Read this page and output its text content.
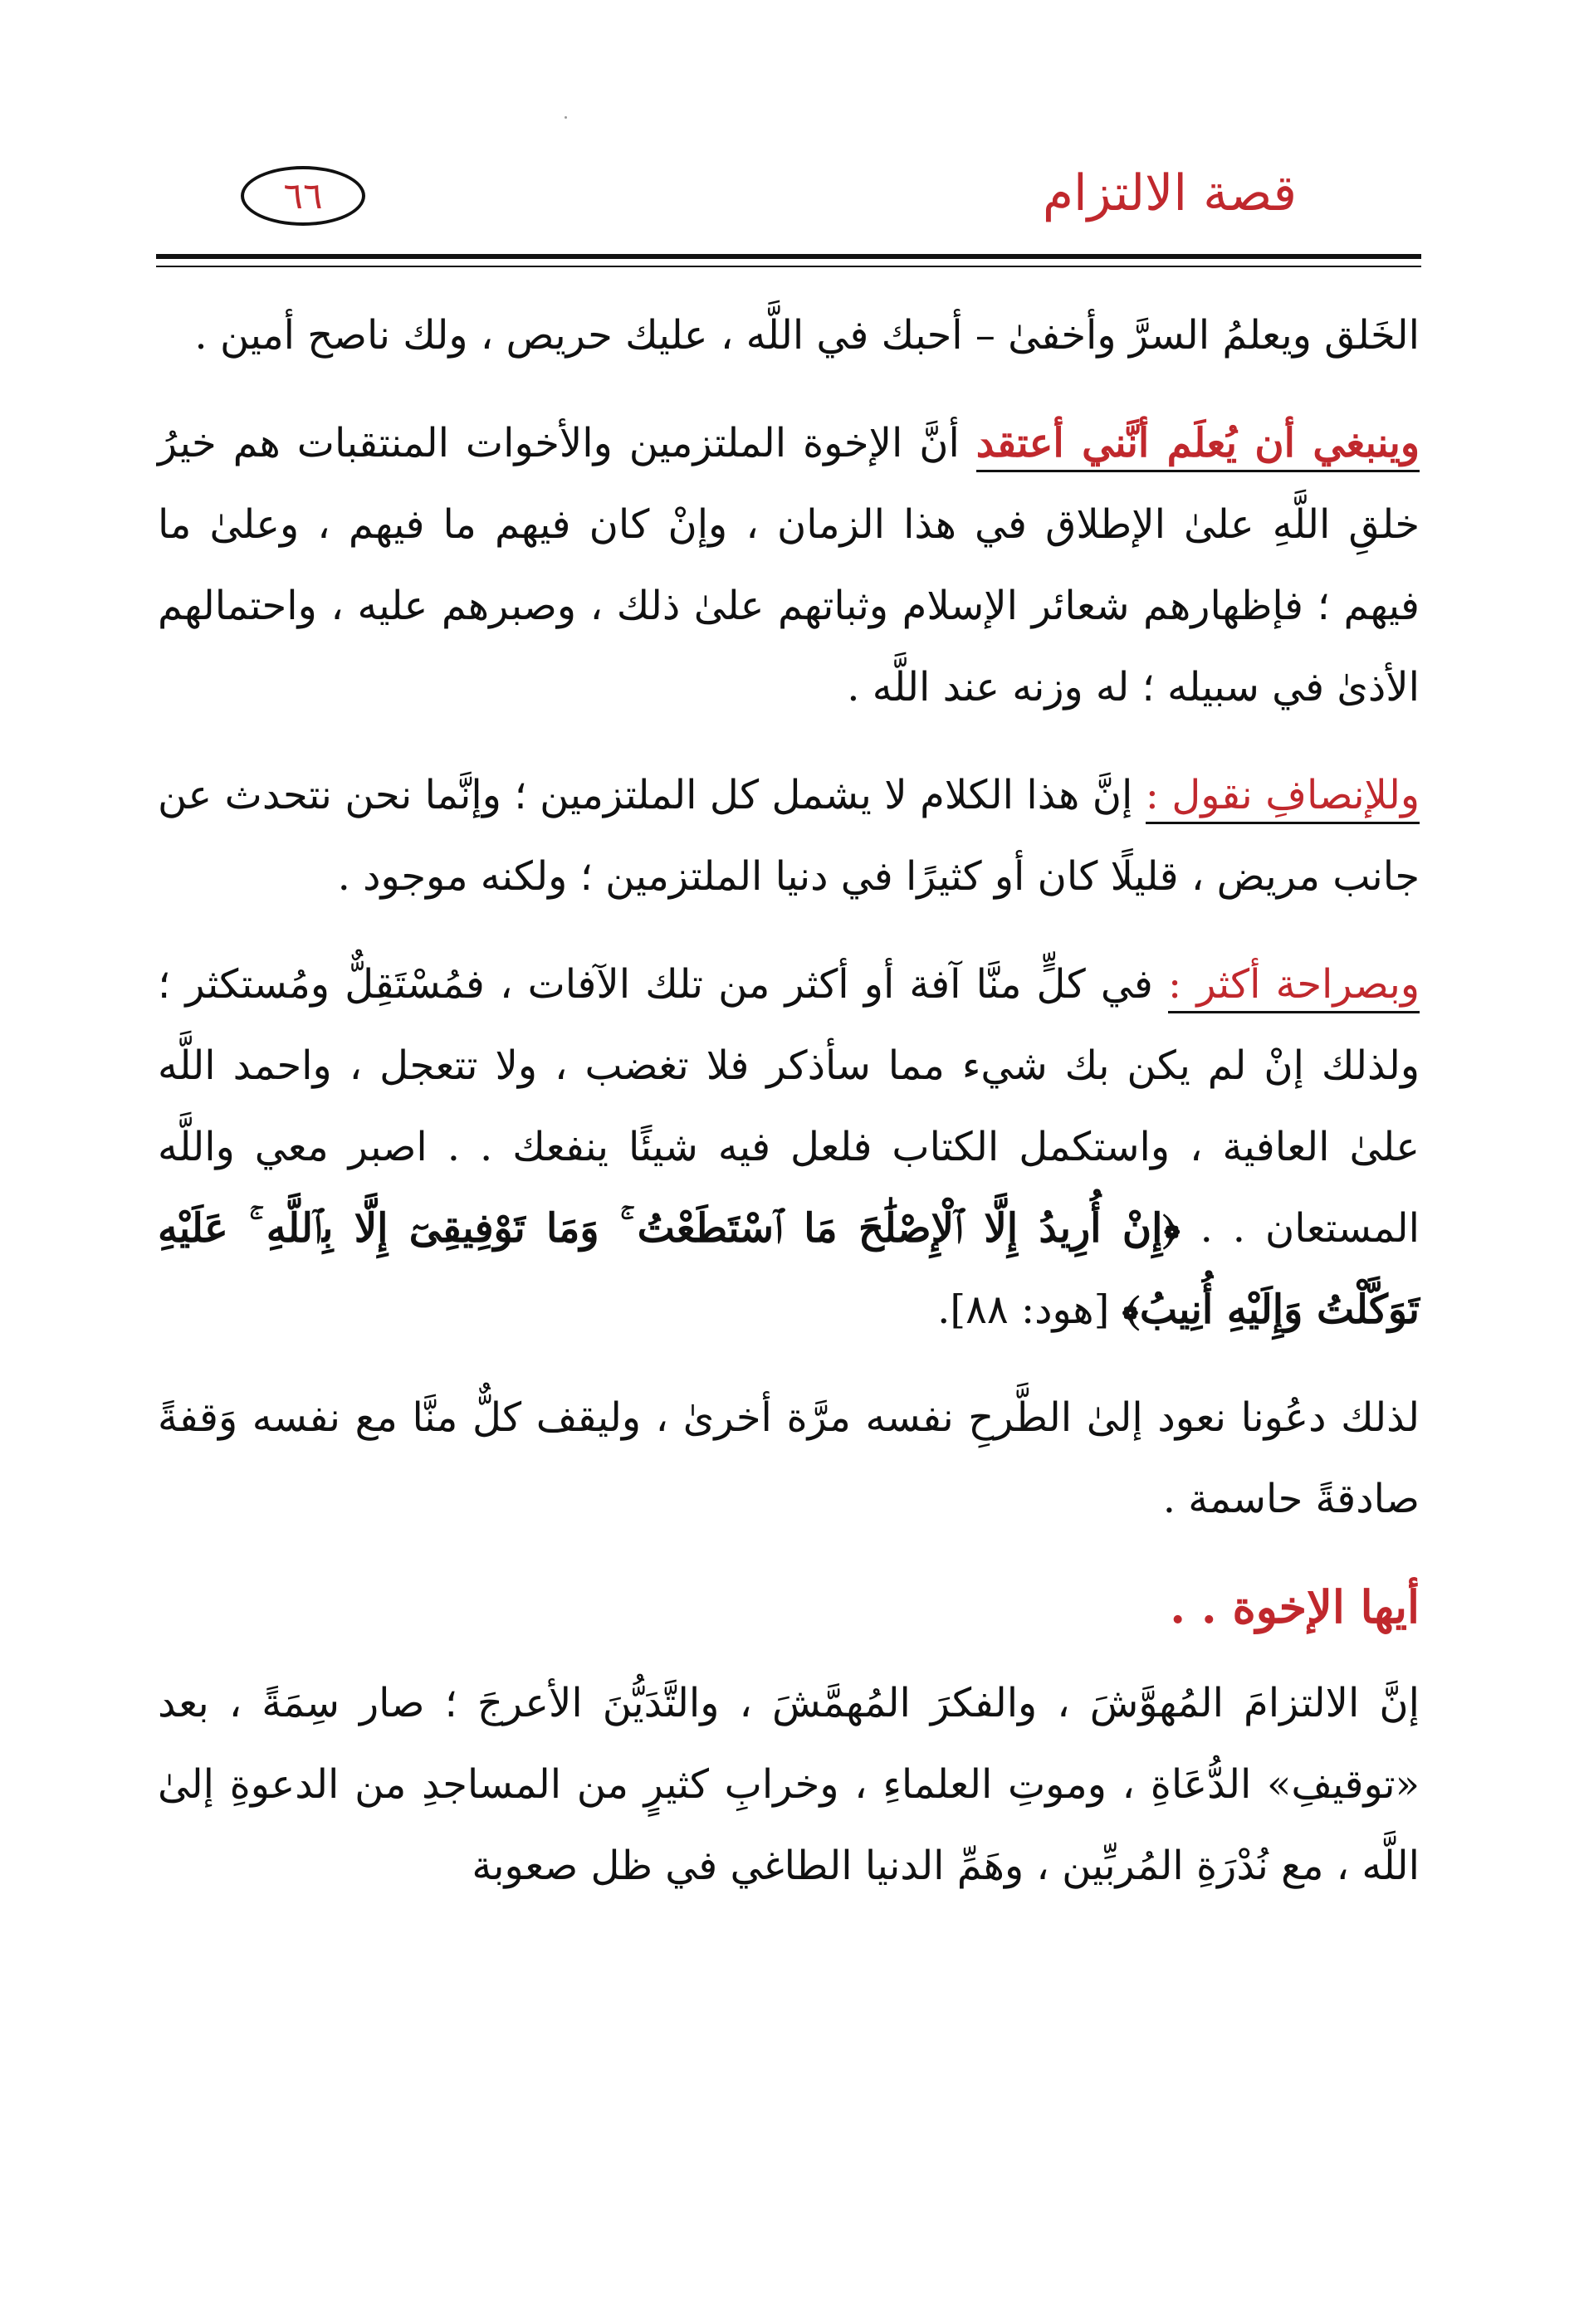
٦٦	قصة الالتزام

الخَلق ويعلمُ السرَّ وأخفىٰ – أحبك في اللَّه ، عليك حريص ، ولك ناصح أمين .

وينبغي أن يُعلَم أنَّني أعتقد أنَّ الإخوة الملتزمين والأخوات المنتقبات هم خيرُ خلقِ اللَّهِ علىٰ الإطلاق في هذا الزمان ، وإنْ كان فيهم ما فيهم ، وعلىٰ ما فيهم ؛ فإظهارهم شعائر الإسلام وثباتهم علىٰ ذلك ، وصبرهم عليه ، واحتمالهم الأذىٰ في سبيله ؛ له وزنه عند اللَّه .

وللإنصافِ نقول : إنَّ هذا الكلام لا يشمل كل الملتزمين ؛ وإنَّما نحن نتحدث عن جانب مريض ، قليلًا كان أو كثيرًا في دنيا الملتزمين ؛ ولكنه موجود .

وبصراحة أكثر : في كلٍّ منَّا آفة أو أكثر من تلك الآفات ، فمُسْتَقِلٌّ ومُستكثر ؛ ولذلك إنْ لم يكن بك شيء مما سأذكر فلا تغضب ، ولا تتعجل ، واحمد اللَّه علىٰ العافية ، واستكمل الكتاب فلعل فيه شيئًا ينفعك . . اصبر معي واللَّه المستعان . . ﴿إِنْ أُرِيدُ إِلَّا ٱلْإِصْلَٰحَ مَا ٱسْتَطَعْتُ ۚ وَمَا تَوْفِيقِىٓ إِلَّا بِٱللَّهِ ۚ عَلَيْهِ تَوَكَّلْتُ وَإِلَيْهِ أُنِيبُ﴾ [هود: ٨٨].

لذلك دعُونا نعود إلىٰ الطَّرحِ نفسه مرَّة أخرىٰ ، وليقف كلٌّ منَّا مع نفسه وَقفةً صادقةً حاسمة .

أيها الإخوة . .

إنَّ الالتزامَ المُهوَّشَ ، والفكرَ المُهمَّشَ ، والتَّدَيُّنَ الأعرجَ ؛ صار سِمَةً ، بعد «توقيفِ» الدُّعَاةِ ، وموتِ العلماءِ ، وخرابِ كثيرٍ من المساجدِ من الدعوةِ إلىٰ اللَّه ، مع نُدْرَةِ المُربِّين ، وهَمِّ الدنيا الطاغي في ظل صعوبة
